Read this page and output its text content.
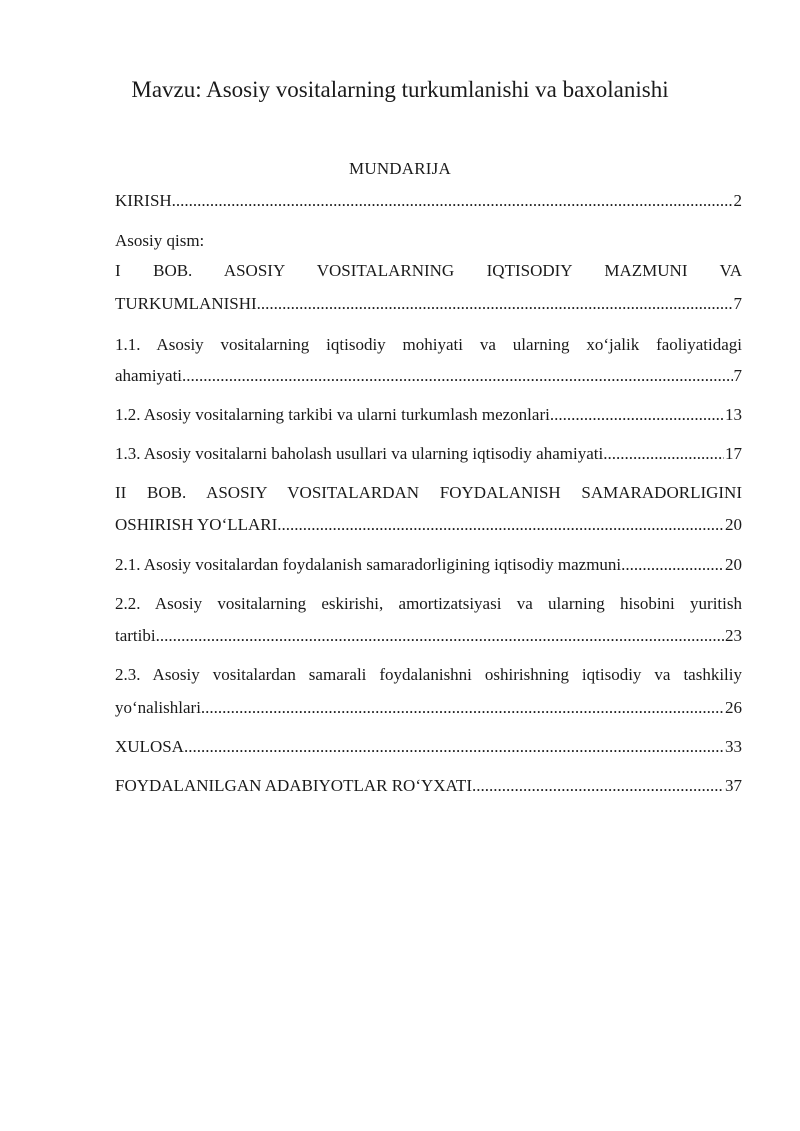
Mavzu: Asosiy vositalarning turkumlanishi va baxolanishi
MUNDARIJA
KIRISH .....	2
Asosiy qism:
I BOB. ASOSIY VOSITALARNING IQTISODIY MAZMUNI VA
TURKUMLANISHI .....	7
1.1. Asosiy vositalarning iqtisodiy mohiyati va ularning xo‘jalik faoliyatidagi
ahamiyati .....	7
1.2. Asosiy vositalarning tarkibi va ularni turkumlash mezonlari .....	13
1.3. Asosiy vositalarni baholash usullari va ularning iqtisodiy ahamiyati .....	17
II BOB. ASOSIY VOSITALARDAN FOYDALANISH SAMARADORLIGINI
OSHIRISH YO‘LLARI .....	20
2.1. Asosiy vositalardan foydalanish samaradorligining iqtisodiy mazmuni .....	20
2.2. Asosiy vositalarning eskirishi, amortizatsiyasi va ularning hisobini yuritish
tartibi .....	23
2.3. Asosiy vositalardan samarali foydalanishni oshirishning iqtisodiy va tashkiliy
yo‘nalishlari .....	26
XULOSA .....	33
FOYDALANILGAN ADABIYOTLAR RO‘YXATI .....	37
